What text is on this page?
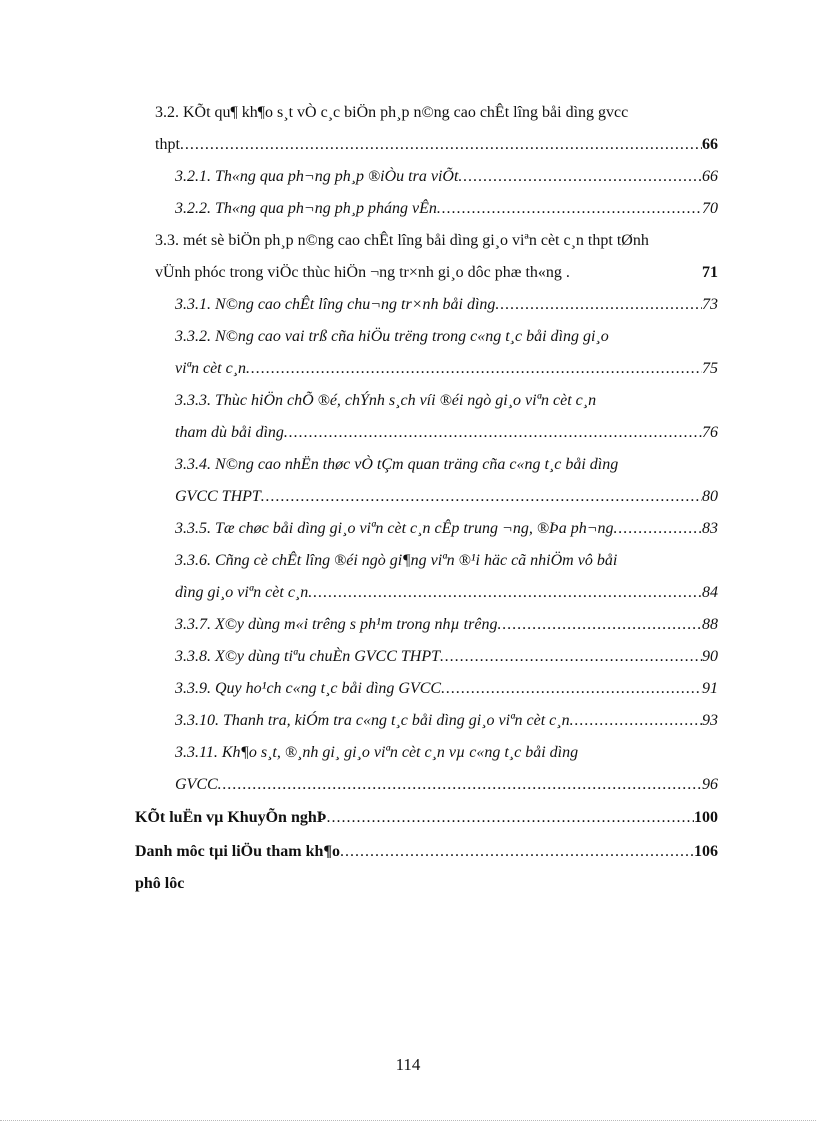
3.2. KÕt qu¶ kh¶o s¸t vÒ c¸c biÖn ph¸p n©ng cao chÊt lîng båi dìng gvcc
thpt .....	66
3.2.1. Th«ng qua ph¬ng ph¸p ®iÒu tra viÕt .....	66
3.2.2. Th«ng qua ph¬ng ph¸p pháng vÊn .....	70
3.3. mét sè biÖn ph¸p n©ng cao chÊt lîng båi dìng gi¸o viªn cèt c¸n thpt tØnh
vÜnh phóc trong viÖc thùc hiÖn ¬ng tr×nh gi¸o dôc phæ th«ng .	71
3.3.1. N©ng cao chÊt lîng chu¬ng tr×nh båi dìng .....	73
3.3.2. N©ng cao vai trß cña hiÖu trëng trong c«ng t¸c båi dìng gi¸o
viªn cèt c¸n .....	75
3.3.3. Thùc hiÖn chÕ ®é, chÝnh s¸ch víi ®éi ngò gi¸o viªn cèt c¸n
tham dù båi dìng .....	76
3.3.4. N©ng cao nhËn thøc vÒ tÇm quan träng cña c«ng t¸c båi dìng
GVCC THPT .....	80
3.3.5. Tæ chøc båi dìng gi¸o viªn cèt c¸n cÊp trung ¬ng, ®Þa ph¬ng .....	83
3.3.6. Cñng cè chÊt lîng ®éi ngò gi¶ng viªn ®¹i häc cã nhiÖm vô båi
dìng gi¸o viªn cèt c¸n .....	84
3.3.7. X©y dùng m«i trêng s ph¹m trong nhµ trêng .....	88
3.3.8. X©y dùng tiªu chuÈn GVCC THPT .....	90
3.3.9. Quy ho¹ch c«ng t¸c båi dìng GVCC .....	91
3.3.10. Thanh tra, kiÓm tra c«ng t¸c båi dìng gi¸o viªn cèt c¸n .....	93
3.3.11. Kh¶o s¸t, ®¸nh gi¸ gi¸o viªn cèt c¸n vµ c«ng t¸c båi dìng
GVCC .....	96
KÕt luËn vµ KhuyÕn nghÞ .....	100
Danh môc tµi liÖu tham kh¶o .....	106
phô lôc
114
